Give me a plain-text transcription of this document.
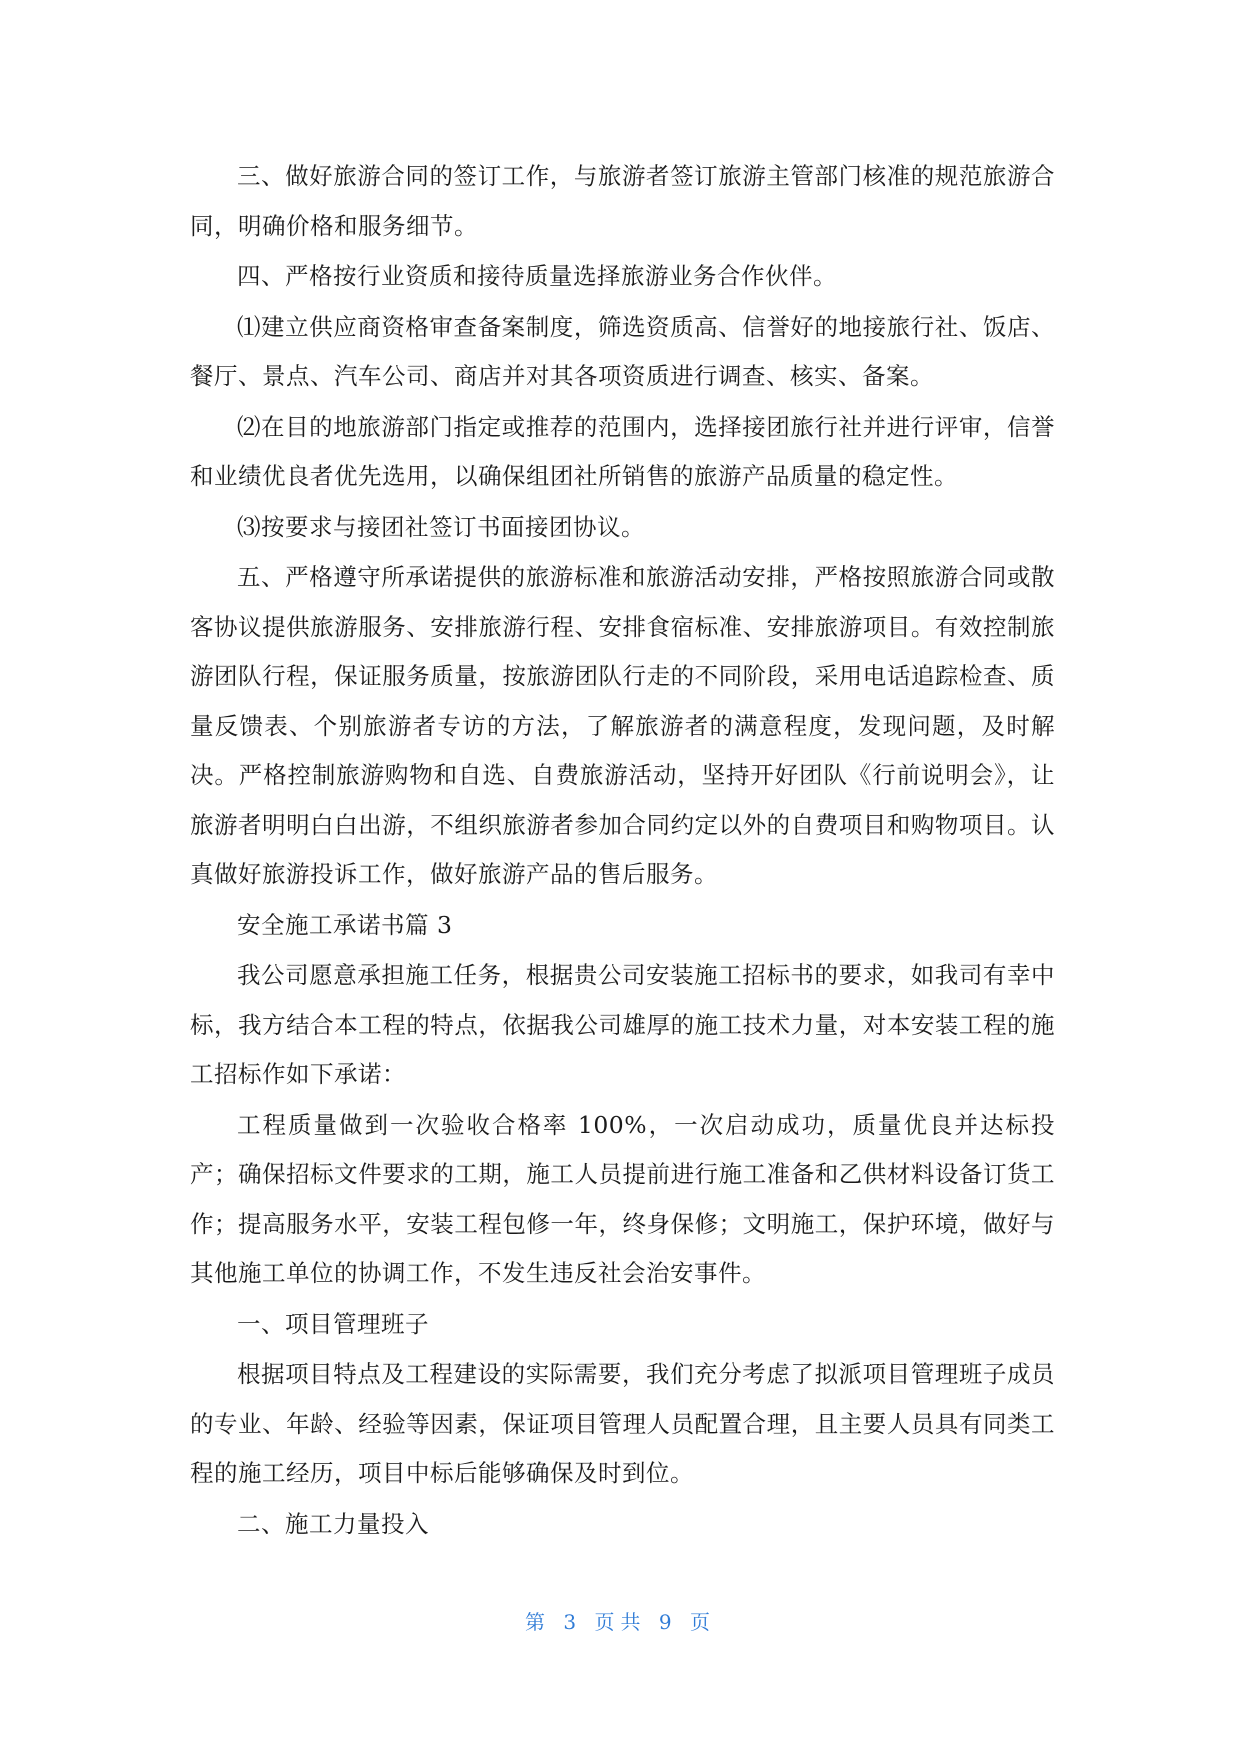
三、做好旅游合同的签订工作，与旅游者签订旅游主管部门核准的规范旅游合同，明确价格和服务细节。

四、严格按行业资质和接待质量选择旅游业务合作伙伴。

⑴建立供应商资格审查备案制度，筛选资质高、信誉好的地接旅行社、饭店、餐厅、景点、汽车公司、商店并对其各项资质进行调查、核实、备案。

⑵在目的地旅游部门指定或推荐的范围内，选择接团旅行社并进行评审，信誉和业绩优良者优先选用，以确保组团社所销售的旅游产品质量的稳定性。

⑶按要求与接团社签订书面接团协议。

五、严格遵守所承诺提供的旅游标准和旅游活动安排，严格按照旅游合同或散客协议提供旅游服务、安排旅游行程、安排食宿标准、安排旅游项目。有效控制旅游团队行程，保证服务质量，按旅游团队行走的不同阶段，采用电话追踪检查、质量反馈表、个别旅游者专访的方法，了解旅游者的满意程度，发现问题，及时解决。严格控制旅游购物和自选、自费旅游活动，坚持开好团队《行前说明会》，让旅游者明明白白出游，不组织旅游者参加合同约定以外的自费项目和购物项目。认真做好旅游投诉工作，做好旅游产品的售后服务。

安全施工承诺书篇 3

我公司愿意承担施工任务，根据贵公司安装施工招标书的要求，如我司有幸中标，我方结合本工程的特点，依据我公司雄厚的施工技术力量，对本安装工程的施工招标作如下承诺：

工程质量做到一次验收合格率 100%，一次启动成功，质量优良并达标投产；确保招标文件要求的工期，施工人员提前进行施工准备和乙供材料设备订货工作；提高服务水平，安装工程包修一年，终身保修；文明施工，保护环境，做好与其他施工单位的协调工作，不发生违反社会治安事件。

一、项目管理班子

根据项目特点及工程建设的实际需要，我们充分考虑了拟派项目管理班子成员的专业、年龄、经验等因素，保证项目管理人员配置合理，且主要人员具有同类工程的施工经历，项目中标后能够确保及时到位。

二、施工力量投入

第 3 页共 9 页
